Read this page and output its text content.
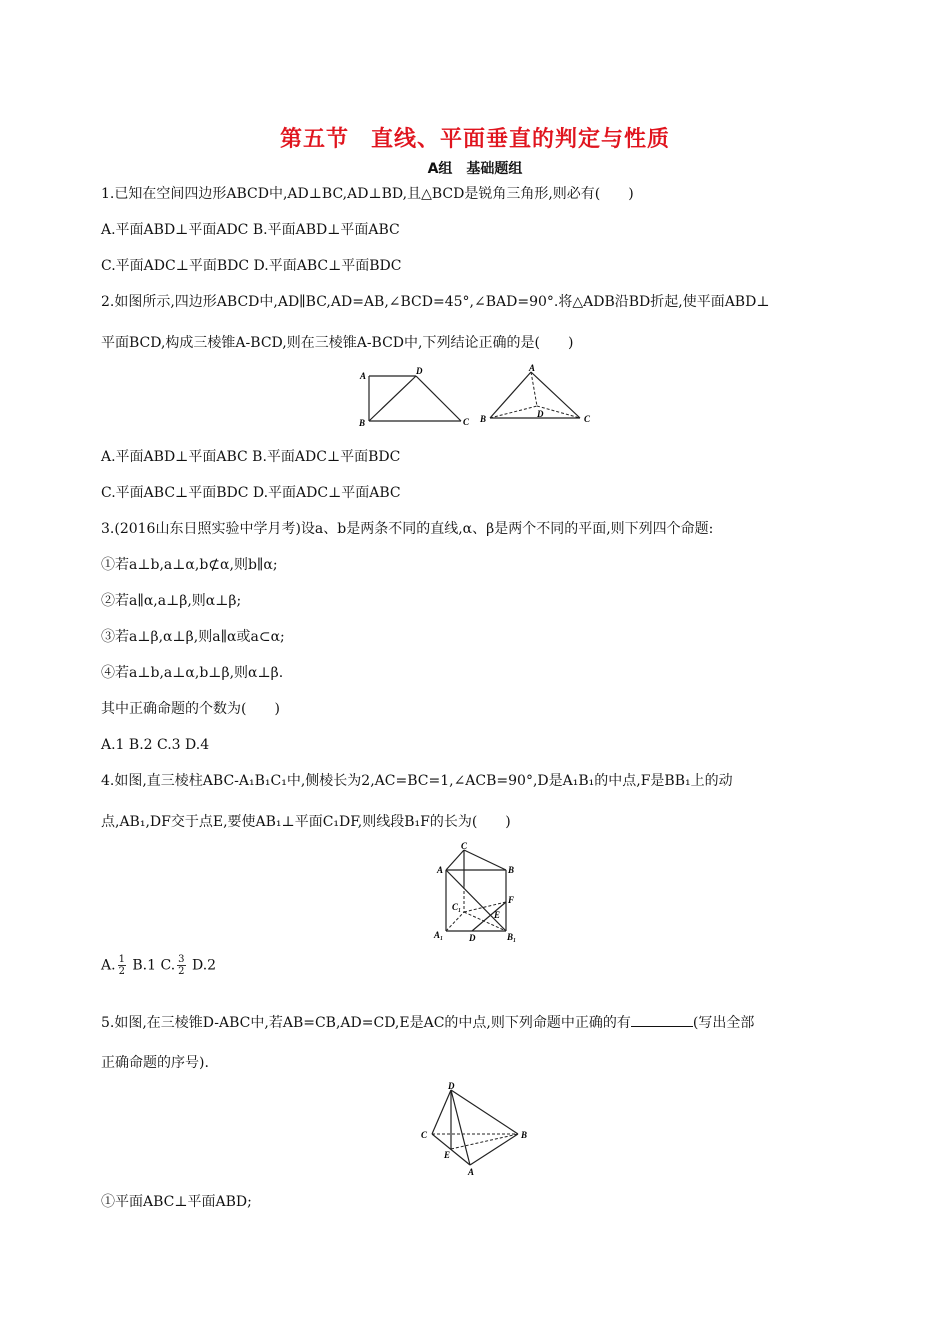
第五节 直线、平面垂直的判定与性质
A组 基础题组
1.已知在空间四边形ABCD中,AD⊥BC,AD⊥BD,且△BCD是锐角三角形,则必有(　　)
A.平面ABD⊥平面ADC B.平面ABD⊥平面ABC
C.平面ADC⊥平面BDC D.平面ABC⊥平面BDC
2.如图所示,四边形ABCD中,AD∥BC,AD=AB,∠BCD=45°,∠BAD=90°.将△ADB沿BD折起,使平面ABD⊥
平面BCD,构成三棱锥A-BCD,则在三棱锥A-BCD中,下列结论正确的是(　　)
A	D
B	C
A
B	D	C
A.平面ABD⊥平面ABC B.平面ADC⊥平面BDC
C.平面ABC⊥平面BDC D.平面ADC⊥平面ABC
3.(2016山东日照实验中学月考)设a、b是两条不同的直线,α、β是两个不同的平面,则下列四个命题:
①若a⊥b,a⊥α,b⊄α,则b∥α;
②若a∥α,a⊥β,则α⊥β;
③若a⊥β,α⊥β,则a∥α或a⊂α;
④若a⊥b,a⊥α,b⊥β,则α⊥β.
其中正确命题的个数为(　　)
A.1 B.2 C.3 D.4
4.如图,直三棱柱ABC-A₁B₁C₁中,侧棱长为2,AC=BC=1,∠ACB=90°,D是A₁B₁的中点,F是BB₁上的动
点,AB₁,DF交于点E,要使AB₁⊥平面C₁DF,则线段B₁F的长为(　　)
C
A	B
C₁
F
E
A₁	D	B₁
A. $\frac{1}{2} B.1$ C. $\frac{3}{2} D.2$
5.如图,在三棱锥D-ABC中,若AB=CB,AD=CD,E是AC的中点,则下列命题中正确的有	(写出全部
正确命题的序号).
D
C	B
E
A
①平面ABC⊥平面ABD;
